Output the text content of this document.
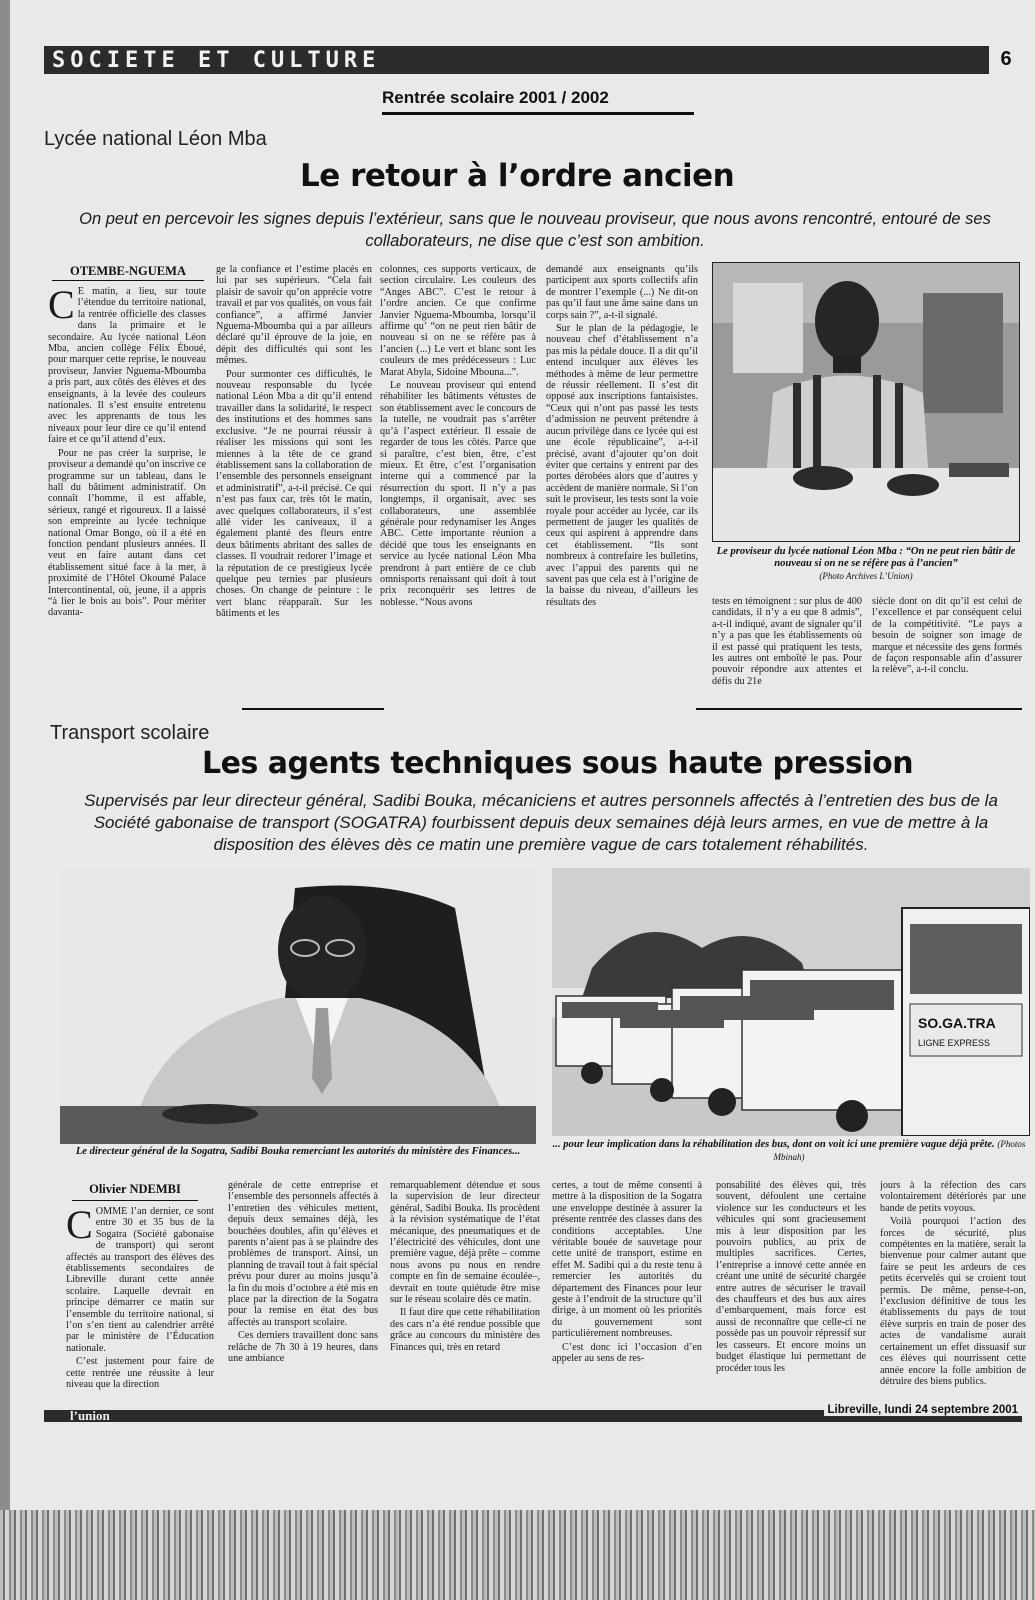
SOCIETE ET CULTURE	6
Rentrée scolaire 2001 / 2002
Lycée national Léon Mba
Le retour à l’ordre ancien
On peut en percevoir les signes depuis l’extérieur, sans que le nouveau proviseur, que nous avons rencontré, entouré de ses collaborateurs, ne dise que c’est son ambition.
OTEMBE-NGUEMA

C E matin, a lieu, sur toute l’étendue du territoire national, la rentrée officielle des classes dans la primaire et le secondaire. Au lycée national Léon Mba, ancien collège Félix Éboué, pour marquer cette reprise, le nouveau proviseur, Janvier Nguema-Mboumba a pris part, aux côtés des élèves et des enseignants, à la levée des couleurs nationales. Il s’est ensuite entretenu avec les apprenants de tous les niveaux pour leur dire ce qu’il entend faire et ce qu’il attend d’eux.

Pour ne pas créer la surprise, le proviseur a demandé qu’on inscrive ce programme sur un tableau, dans le hall du bâtiment administratif. On connaît l’homme, il est affable, sérieux, rangé et rigoureux. Il a laissé son empreinte au lycée technique national Omar Bongo, où il a été en fonction pendant plusieurs années. Il veut en faire autant dans cet établissement situé face à la mer, à proximité de l’Hôtel Okoumé Palace Intercontinental, où, jeune, il a appris “à lier le bois au bois”. Pour mériter davanta-

ge la confiance et l’estime placés en lui par ses supérieurs. “Cela fait plaisir de savoir qu’on apprécie votre travail et par vos qualités, on vous fait confiance”, a affirmé Janvier Nguema-Mboumba qui a par ailleurs déclaré qu’il éprouve de la joie, en dépit des difficultés qui sont les mêmes.

Pour surmonter ces difficultés, le nouveau responsable du lycée national Léon Mba a dit qu’il entend travailler dans la solidarité, le respect des institutions et des hommes sans exclusive. “Je ne pourrai réussir à réaliser les missions qui sont les miennes à la tête de ce grand établissement sans la collaboration de l’ensemble des personnels enseignant et administratif”, a-t-il précisé. Ce qui n’est pas faux car, très tôt le matin, avec quelques collaborateurs, il s’est allé vider les caniveaux, il a également planté des fleurs entre deux bâtiments abritant des salles de classes. Il voudrait redorer l’image et la réputation de ce prestigieux lycée quelque peu ternies par plusieurs choses. On change de peinture : le vert blanc réapparaît. Sur les bâtiments et les

colonnes, ces supports verticaux, de section circulaire. Les couleurs des “Anges ABC”. C’est le retour à l’ordre ancien. Ce que confirme Janvier Nguema-Mboumba, lorsqu’il affirme qu’ “on ne peut rien bâtir de nouveau si on ne se réfère pas à l’ancien (...) Le vert et blanc sont les couleurs de mes prédécesseurs : Luc Marat Abyla, Sidoine Mbouna...”.

Le nouveau proviseur qui entend réhabiliter les bâtiments vétustes de son établissement avec le concours de la tutelle, ne voudrait pas s’arrêter qu’à l’aspect extérieur. Il essaie de regarder de tous les côtés. Parce que si paraître, c’est bien, être, c’est mieux. Et être, c’est l’organisation interne qui a commencé par la résurrection du sport. Il n’y a pas longtemps, il organisait, avec ses collaborateurs, une assemblée générale pour redynamiser les Anges ABC. Cette importante réunion a décidé que tous les enseignants en service au lycée national Léon Mba prendront à part entière de ce club omnisports renaissant qui doit à tout prix reconquérir ses lettres de noblesse. “Nous avons

demandé aux enseignants qu’ils participent aux sports collectifs afin de montrer l’exemple (...) Ne dit-on pas qu’il faut une âme saine dans un corps sain ?”, a-t-il signalé.

Sur le plan de la pédagogie, le nouveau chef d’établissement n’a pas mis la pédale douce. Il a dit qu’il entend inculquer aux élèves les méthodes à même de leur permettre de réussir réellement. Il s’est dit opposé aux inscriptions fantaisistes. “Ceux qui n’ont pas passé les tests d’admission ne peuvent prétendre à aucun privilège dans ce lycée qui est une école républicaine”, a-t-il précisé, avant d’ajouter qu’on doit éviter que certains y entrent par des portes dérobées alors que d’autres y accèdent de manière normale. Si l’on suit le proviseur, les tests sont la voie royale pour accéder au lycée, car ils permettent de jauger les qualités de ceux qui aspirent à apprendre dans cet établissement. “Ils sont nombreux à contrefaire les bulletins, avec l’appui des parents qui ne savent pas que cela est à l’origine de la baisse du niveau, d’ailleurs les résultats des

Le proviseur du lycée national Léon Mba : “On ne peut rien bâtir de nouveau si on ne se réfère pas à l’ancien”
(Photo Archives L’Union)

tests en témoignent : sur plus de 400 candidats, il n’y a eu que 8 admis”, a-t-il indiqué, avant de signaler qu’il n’y a pas que les établissements où il est passé qui pratiquent les tests, les autres ont emboîté le pas. Pour pouvoir répondre aux attentes et défis du 21e

siècle dont on dit qu’il est celui de l’excellence et par conséquent celui de la compétitivité. “Le pays a besoin de soigner son image de marque et nécessite des gens formés de façon responsable afin d’assurer la relève”, a-t-il conclu.

Transport scolaire
Les agents techniques sous haute pression
Supervisés par leur directeur général, Sadibi Bouka, mécaniciens et autres personnels affectés à l’entretien des bus de la Société gabonaise de transport (SOGATRA) fourbissent depuis deux semaines déjà leurs armes, en vue de mettre à la disposition des élèves dès ce matin une première vague de cars totalement réhabilités.
Le directeur général de la Sogatra, Sadibi Bouka remerciant les autorités du ministère des Finances...
SO.GA.TRA
LIGNE EXPRESS
... pour leur implication dans la réhabilitation des bus, dont on voit ici une première vague déjà prête. (Photos Mbinah)
Olivier NDEMBI

COMME l’an dernier, ce sont entre 30 et 35 bus de la Sogatra (Société gabonaise de transport) qui seront affectés au transport des élèves des établissements secondaires de Libreville durant cette année scolaire. Laquelle devrait en principe démarrer ce matin sur l’ensemble du territoire national, si l’on s’en tient au calendrier arrêté par le ministère de l’Éducation nationale.

C’est justement pour faire de cette rentrée une réussite à leur niveau que la direction

générale de cette entreprise et l’ensemble des personnels affectés à l’entretien des véhicules mettent, depuis deux semaines déjà, les bouchées doubles, afin qu’élèves et parents n’aient pas à se plaindre des problèmes de transport. Ainsi, un planning de travail tout à fait spécial prévu pour durer au moins jusqu’à la fin du mois d’octobre a été mis en place par la direction de la Sogatra pour la remise en état des bus affectés au transport scolaire.

Ces derniers travaillent donc sans relâche de 7h 30 à 19 heures, dans une ambiance

remarquablement détendue et sous la supervision de leur directeur général, Sadibi Bouka. Ils procèdent à la révision systématique de l’état mécanique, des pneumatiques et de l’électricité des véhicules, dont une première vague, déjà prête – comme nous avons pu nous en rendre compte en fin de semaine écoulée–, devrait en toute quiétude être mise sur le réseau scolaire dès ce matin.

Il faut dire que cette réhabilitation des cars n’a été rendue possible que grâce au concours du ministère des Finances qui, très en retard

certes, a tout de même consenti à mettre à la disposition de la Sogatra une enveloppe destinée à assurer la présente rentrée des classes dans des conditions acceptables. Une véritable bouée de sauvetage pour cette unité de transport, estime en effet M. Sadibi qui a du reste tenu à remercier les autorités du département des Finances pour leur geste à l’endroit de la structure qu’il dirige, à un moment où les priorités du gouvernement sont particulièrement nombreuses.

C’est donc ici l’occasion d’en appeler au sens de res-

ponsabilité des élèves qui, très souvent, défoulent une certaine violence sur les conducteurs et les véhicules qui sont gracieusement mis à leur disposition par les pouvoirs publics, au prix de multiples sacrifices. Certes, l’entreprise a innové cette année en créant une unité de sécurité chargée entre autres de sécuriser le travail des chauffeurs et des bus aux aires d’embarquement, mais force est aussi de reconnaître que celle-ci ne possède pas un pouvoir répressif sur les casseurs. Et encore moins un budget élastique lui permettant de procéder tous les

jours à la réfection des cars volontairement détériorés par une bande de petits voyous.

Voilà pourquoi l’action des forces de sécurité, plus compétentes en la matière, serait la bienvenue pour calmer autant que faire se peut les ardeurs de ces petits écervelés qui se croient tout permis. De même, pense-t-on, l’exclusion définitive de tous les établissements du pays de tout élève surpris en train de poser des actes de vandalisme aurait certainement un effet dissuasif sur ces élèves qui nourrissent cette année encore la folle ambition de détruire des biens publics.

l’union	Libreville, lundi 24 septembre 2001
